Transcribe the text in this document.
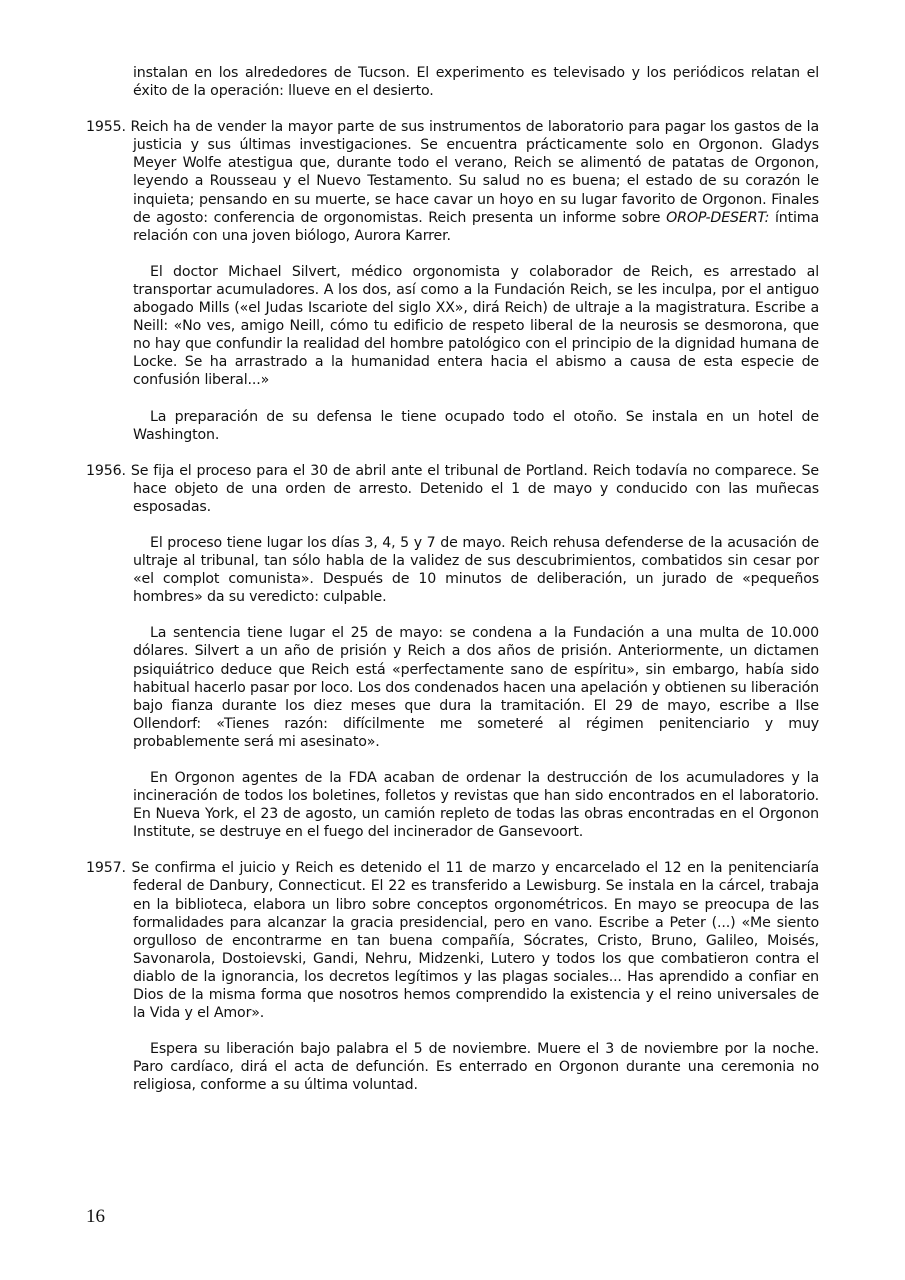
instalan en los alrededores de Tucson. El experimento es televisado y los periódicos relatan el éxito de la operación: llueve en el desierto.

1955. Reich ha de vender la mayor parte de sus instrumentos de laboratorio para pagar los gastos de la justicia y sus últimas investigaciones. Se encuentra prácticamente solo en Orgonon. Gladys Meyer Wolfe atestigua que, durante todo el verano, Reich se alimentó de patatas de Orgonon, leyendo a Rousseau y el Nuevo Testamento. Su salud no es buena; el estado de su corazón le inquieta; pensando en su muerte, se hace cavar un hoyo en su lugar favorito de Orgonon. Finales de agosto: conferencia de orgonomistas. Reich presenta un informe sobre OROP-DESERT: íntima relación con una joven biólogo, Aurora Karrer.

El doctor Michael Silvert, médico orgonomista y colaborador de Reich, es arrestado al transportar acumuladores. A los dos, así como a la Fundación Reich, se les inculpa, por el antiguo abogado Mills («el Judas Iscariote del siglo XX», dirá Reich) de ultraje a la magistratura. Escribe a Neill: «No ves, amigo Neill, cómo tu edificio de respeto liberal de la neurosis se desmorona, que no hay que confundir la realidad del hombre patológico con el principio de la dignidad humana de Locke. Se ha arrastrado a la humanidad entera hacia el abismo a causa de esta especie de confusión liberal...»

La preparación de su defensa le tiene ocupado todo el otoño. Se instala en un hotel de Washington.

1956. Se fija el proceso para el 30 de abril ante el tribunal de Portland. Reich todavía no comparece. Se hace objeto de una orden de arresto. Detenido el 1 de mayo y conducido con las muñecas esposadas.

El proceso tiene lugar los días 3, 4, 5 y 7 de mayo. Reich rehusa defenderse de la acusación de ultraje al tribunal, tan sólo habla de la validez de sus descubrimientos, combatidos sin cesar por «el complot comunista». Después de 10 minutos de deliberación, un jurado de «pequeños hombres» da su veredicto: culpable.

La sentencia tiene lugar el 25 de mayo: se condena a la Fundación a una multa de 10.000 dólares. Silvert a un año de prisión y Reich a dos años de prisión. Anteriormente, un dictamen psiquiátrico deduce que Reich está «perfectamente sano de espíritu», sin embargo, había sido habitual hacerlo pasar por loco. Los dos condenados hacen una apelación y obtienen su liberación bajo fianza durante los diez meses que dura la tramitación. El 29 de mayo, escribe a Ilse Ollendorf: «Tienes razón: difícilmente me someteré al régimen penitenciario y muy probablemente será mi asesinato».

En Orgonon agentes de la FDA acaban de ordenar la destrucción de los acumuladores y la incineración de todos los boletines, folletos y revistas que han sido encontrados en el laboratorio. En Nueva York, el 23 de agosto, un camión repleto de todas las obras encontradas en el Orgonon Institute, se destruye en el fuego del incinerador de Gansevoort.

1957. Se confirma el juicio y Reich es detenido el 11 de marzo y encarcelado el 12 en la penitenciaría federal de Danbury, Connecticut. El 22 es transferido a Lewisburg. Se instala en la cárcel, trabaja en la biblioteca, elabora un libro sobre conceptos orgonométricos. En mayo se preocupa de las formalidades para alcanzar la gracia presidencial, pero en vano. Escribe a Peter (...) «Me siento orgulloso de encontrarme en tan buena compañía, Sócrates, Cristo, Bruno, Galileo, Moisés, Savonarola, Dostoievski, Gandi, Nehru, Midzenki, Lutero y todos los que combatieron contra el diablo de la ignorancia, los decretos legítimos y las plagas sociales... Has aprendido a confiar en Dios de la misma forma que nosotros hemos comprendido la existencia y el reino universales de la Vida y el Amor».

Espera su liberación bajo palabra el 5 de noviembre. Muere el 3 de noviembre por la noche. Paro cardíaco, dirá el acta de defunción. Es enterrado en Orgonon durante una ceremonia no religiosa, conforme a su última voluntad.

16
